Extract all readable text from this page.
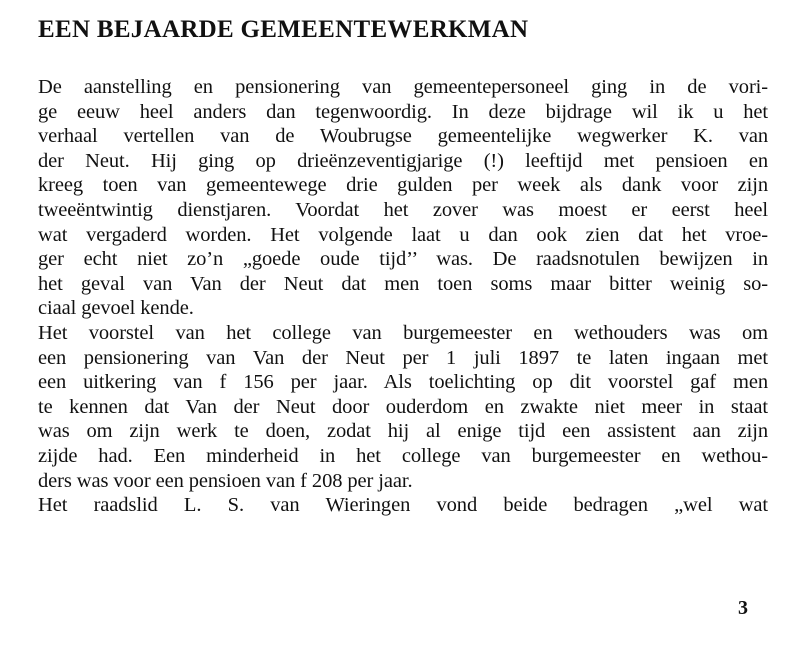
EEN BEJAARDE GEMEENTEWERKMAN
De aanstelling en pensionering van gemeentepersoneel ging in de vori-
ge eeuw heel anders dan tegenwoordig. In deze bijdrage wil ik u het
verhaal vertellen van de Woubrugse gemeentelijke wegwerker K. van
der Neut. Hij ging op drieënzeventigjarige (!) leeftijd met pensioen en
kreeg toen van gemeentewege drie gulden per week als dank voor zijn
tweeëntwintig dienstjaren. Voordat het zover was moest er eerst heel
wat vergaderd worden. Het volgende laat u dan ook zien dat het vroe-
ger echt niet zo’n „goede oude tijd’’ was. De raadsnotulen bewijzen in
het geval van Van der Neut dat men toen soms maar bitter weinig so-
ciaal gevoel kende.
Het voorstel van het college van burgemeester en wethouders was om
een pensionering van Van der Neut per 1 juli 1897 te laten ingaan met
een uitkering van f 156 per jaar. Als toelichting op dit voorstel gaf men
te kennen dat Van der Neut door ouderdom en zwakte niet meer in staat
was om zijn werk te doen, zodat hij al enige tijd een assistent aan zijn
zijde had. Een minderheid in het college van burgemeester en wethou-
ders was voor een pensioen van f 208 per jaar.
Het raadslid L. S. van Wieringen vond beide bedragen „wel wat
3
